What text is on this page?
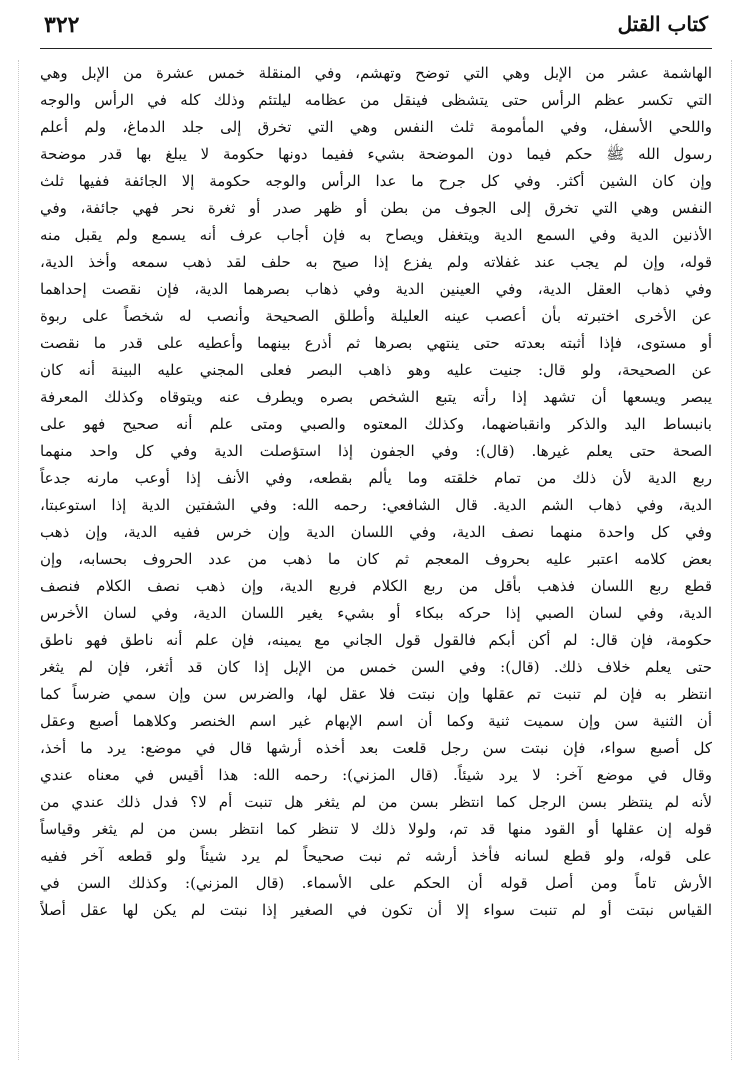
٣٢٢	كتاب القتل
الهاشمة عشر من الإبل وهي التي توضح وتهشم، وفي المنقلة خمس عشرة من الإبل وهي
التي تكسر عظم الرأس حتى يتشظى فينقل من عظامه ليلتئم وذلك كله في الرأس والوجه
واللحي الأسفل، وفي المأمومة ثلث النفس وهي التي تخرق إلى جلد الدماغ، ولم أعلم
رسول الله ﷺ حكم فيما دون الموضحة بشيء ففيما دونها حكومة لا يبلغ بها قدر موضحة
وإن كان الشين أكثر. وفي كل جرح ما عدا الرأس والوجه حكومة إلا الجائفة ففيها ثلث
النفس وهي التي تخرق إلى الجوف من بطن أو ظهر صدر أو ثغرة نحر فهي جائفة، وفي
الأذنين الدية وفي السمع الدية ويتغفل ويصاح به فإن أجاب عرف أنه يسمع ولم يقبل منه
قوله، وإن لم يجب عند غفلاته ولم يفزع إذا صيح به حلف لقد ذهب سمعه وأخذ الدية،
وفي ذهاب العقل الدية، وفي العينين الدية وفي ذهاب بصرهما الدية، فإن نقصت إحداهما
عن الأخرى اختبرته بأن أعصب عينه العليلة وأطلق الصحيحة وأنصب له شخصاً على ربوة
أو مستوى، فإذا أثبته بعدته حتى ينتهي بصرها ثم أذرع بينهما وأعطيه على قدر ما نقصت
عن الصحيحة، ولو قال: جنيت عليه وهو ذاهب البصر فعلى المجني عليه البينة أنه كان
يبصر ويسعها أن تشهد إذا رأته يتبع الشخص بصره ويطرف عنه ويتوقاه وكذلك المعرفة
بانبساط اليد والذكر وانقباضهما، وكذلك المعتوه والصبي ومتى علم أنه صحيح فهو على
الصحة حتى يعلم غيرها. (قال): وفي الجفون إذا استؤصلت الدية وفي كل واحد منهما
ربع الدية لأن ذلك من تمام خلقته وما يألم بقطعه، وفي الأنف إذا أوعب مارنه جدعاً
الدية، وفي ذهاب الشم الدية. قال الشافعي: رحمه الله: وفي الشفتين الدية إذا استوعبتا،
وفي كل واحدة منهما نصف الدية، وفي اللسان الدية وإن خرس ففيه الدية، وإن ذهب
بعض كلامه اعتبر عليه بحروف المعجم ثم كان ما ذهب من عدد الحروف بحسابه، وإن
قطع ربع اللسان فذهب بأقل من ربع الكلام فربع الدية، وإن ذهب نصف الكلام فنصف
الدية، وفي لسان الصبي إذا حركه ببكاء أو بشيء يغير اللسان الدية، وفي لسان الأخرس
حكومة، فإن قال: لم أكن أبكم فالقول قول الجاني مع يمينه، فإن علم أنه ناطق فهو ناطق
حتى يعلم خلاف ذلك. (قال): وفي السن خمس من الإبل إذا كان قد أثغر، فإن لم يثغر
انتظر به فإن لم تنبت تم عقلها وإن نبتت فلا عقل لها، والضرس سن وإن سمي ضرساً كما
أن الثنية سن وإن سميت ثنية وكما أن اسم الإبهام غير اسم الخنصر وكلاهما أصبع وعقل
كل أصبع سواء، فإن نبتت سن رجل قلعت بعد أخذه أرشها قال في موضع: يرد ما أخذ،
وقال في موضع آخر: لا يرد شيئاً. (قال المزني): رحمه الله: هذا أقيس في معناه عندي
لأنه لم ينتظر بسن الرجل كما انتظر بسن من لم يثغر هل تنبت أم لا؟ فدل ذلك عندي من
قوله إن عقلها أو القود منها قد تم، ولولا ذلك لا تنظر كما انتظر بسن من لم يثغر وقياساً
على قوله، ولو قطع لسانه فأخذ أرشه ثم نبت صحيحاً لم يرد شيئاً ولو قطعه آخر ففيه
الأرش تاماً ومن أصل قوله أن الحكم على الأسماء. (قال المزني): وكذلك السن في
القياس نبتت أو لم تنبت سواء إلا أن تكون في الصغير إذا نبتت لم يكن لها عقل أصلاً
